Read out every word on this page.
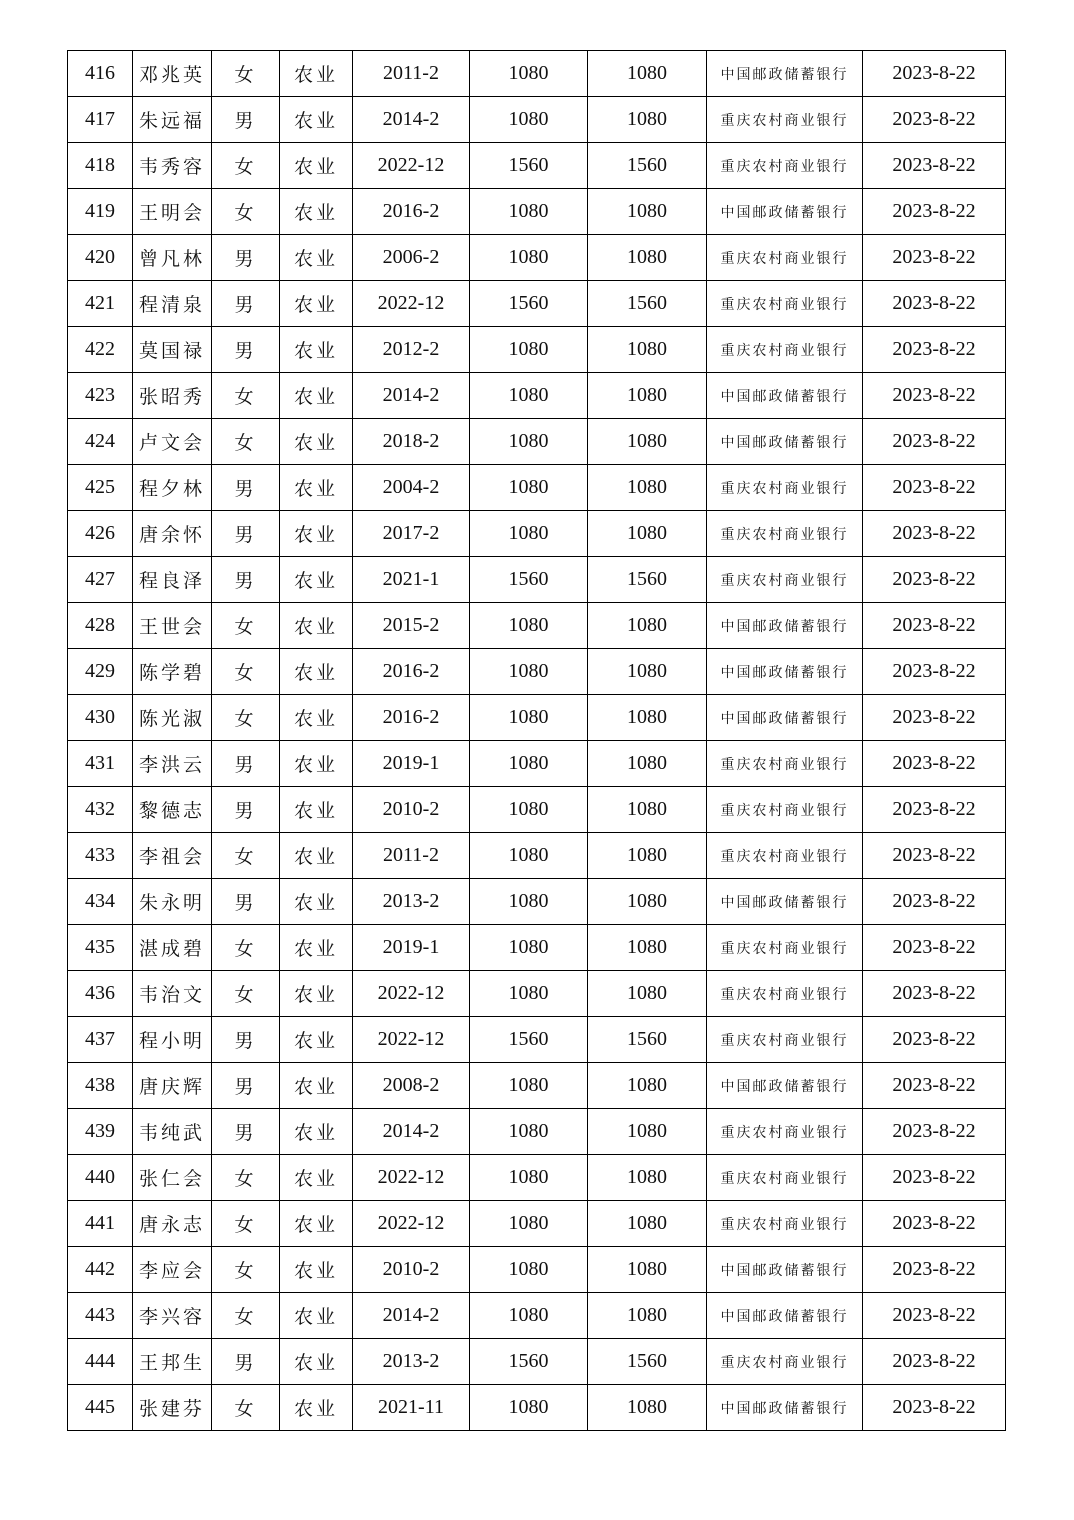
416	邓兆英	女	农业	2011-2	1080	1080	中国邮政储蓄银行	2023-8-22
417	朱远福	男	农业	2014-2	1080	1080	重庆农村商业银行	2023-8-22
418	韦秀容	女	农业	2022-12	1560	1560	重庆农村商业银行	2023-8-22
419	王明会	女	农业	2016-2	1080	1080	中国邮政储蓄银行	2023-8-22
420	曾凡林	男	农业	2006-2	1080	1080	重庆农村商业银行	2023-8-22
421	程清泉	男	农业	2022-12	1560	1560	重庆农村商业银行	2023-8-22
422	莫国禄	男	农业	2012-2	1080	1080	重庆农村商业银行	2023-8-22
423	张昭秀	女	农业	2014-2	1080	1080	中国邮政储蓄银行	2023-8-22
424	卢文会	女	农业	2018-2	1080	1080	中国邮政储蓄银行	2023-8-22
425	程夕林	男	农业	2004-2	1080	1080	重庆农村商业银行	2023-8-22
426	唐余怀	男	农业	2017-2	1080	1080	重庆农村商业银行	2023-8-22
427	程良泽	男	农业	2021-1	1560	1560	重庆农村商业银行	2023-8-22
428	王世会	女	农业	2015-2	1080	1080	中国邮政储蓄银行	2023-8-22
429	陈学碧	女	农业	2016-2	1080	1080	中国邮政储蓄银行	2023-8-22
430	陈光淑	女	农业	2016-2	1080	1080	中国邮政储蓄银行	2023-8-22
431	李洪云	男	农业	2019-1	1080	1080	重庆农村商业银行	2023-8-22
432	黎德志	男	农业	2010-2	1080	1080	重庆农村商业银行	2023-8-22
433	李祖会	女	农业	2011-2	1080	1080	重庆农村商业银行	2023-8-22
434	朱永明	男	农业	2013-2	1080	1080	中国邮政储蓄银行	2023-8-22
435	湛成碧	女	农业	2019-1	1080	1080	重庆农村商业银行	2023-8-22
436	韦治文	女	农业	2022-12	1080	1080	重庆农村商业银行	2023-8-22
437	程小明	男	农业	2022-12	1560	1560	重庆农村商业银行	2023-8-22
438	唐庆辉	男	农业	2008-2	1080	1080	中国邮政储蓄银行	2023-8-22
439	韦纯武	男	农业	2014-2	1080	1080	重庆农村商业银行	2023-8-22
440	张仁会	女	农业	2022-12	1080	1080	重庆农村商业银行	2023-8-22
441	唐永志	女	农业	2022-12	1080	1080	重庆农村商业银行	2023-8-22
442	李应会	女	农业	2010-2	1080	1080	中国邮政储蓄银行	2023-8-22
443	李兴容	女	农业	2014-2	1080	1080	中国邮政储蓄银行	2023-8-22
444	王邦生	男	农业	2013-2	1560	1560	重庆农村商业银行	2023-8-22
445	张建芬	女	农业	2021-11	1080	1080	中国邮政储蓄银行	2023-8-22
